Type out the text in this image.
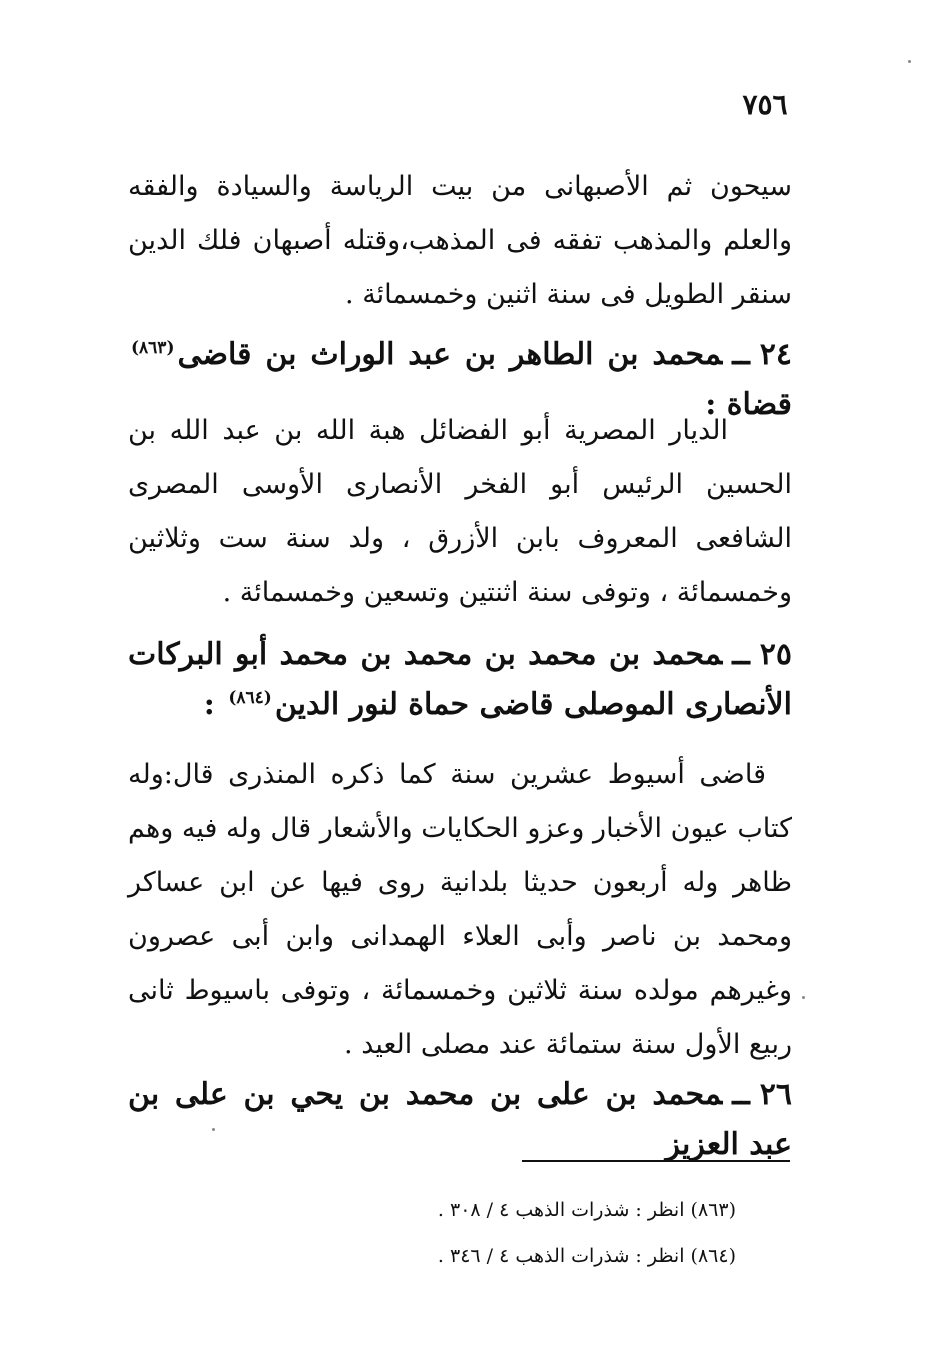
٧٥٦
سيحون ثم الأصبهانى من بيت الرياسة والسيادة والفقه والعلم والمذهب تفقه فى المذهب،وقتله أصبهان فلك الدين سنقر الطويل فى سنة اثنين وخمسمائة .
٢٤ــمحمد بن الطاهر بن عبد الوراث بن قاضى$^{(٨٦٣)}$ قضاة :
الديار المصرية أبو الفضائل هبة الله بن عبد الله بن الحسين الرئيس أبو الفخر الأنصارى الأوسى المصرى الشافعى المعروف بابن الأزرق ، ولد سنة ست وثلاثين وخمسمائة ، وتوفى سنة اثنتين وتسعين وخمسمائة .
٢٥ــمحمد بن محمد بن محمد بن محمد أبو البركات الأنصارى الموصلى قاضى حماة لنور الدين$^{(٨٦٤)}$ :
قاضى أسيوط عشرين سنة كما ذكره المنذرى قال:وله كتاب عيون الأخبار وعزو الحكايات والأشعار قال وله فيه وهم ظاهر وله أربعون حديثا بلدانية روى فيها عن ابن عساكر ومحمد بن ناصر وأبى العلاء الهمدانى وابن أبى عصرون وغيرهم مولده سنة ثلاثين وخمسمائة ، وتوفى باسيوط ثانى ربيع الأول سنة ستمائة عند مصلى العيد .
٢٦ــمحمد بن على بن محمد بن يحي بن على بن عبد العزيز
(٨٦٣) انظر : شذرات الذهب ٤ / ٣٠٨ .
(٨٦٤) انظر : شذرات الذهب ٤ / ٣٤٦ .
